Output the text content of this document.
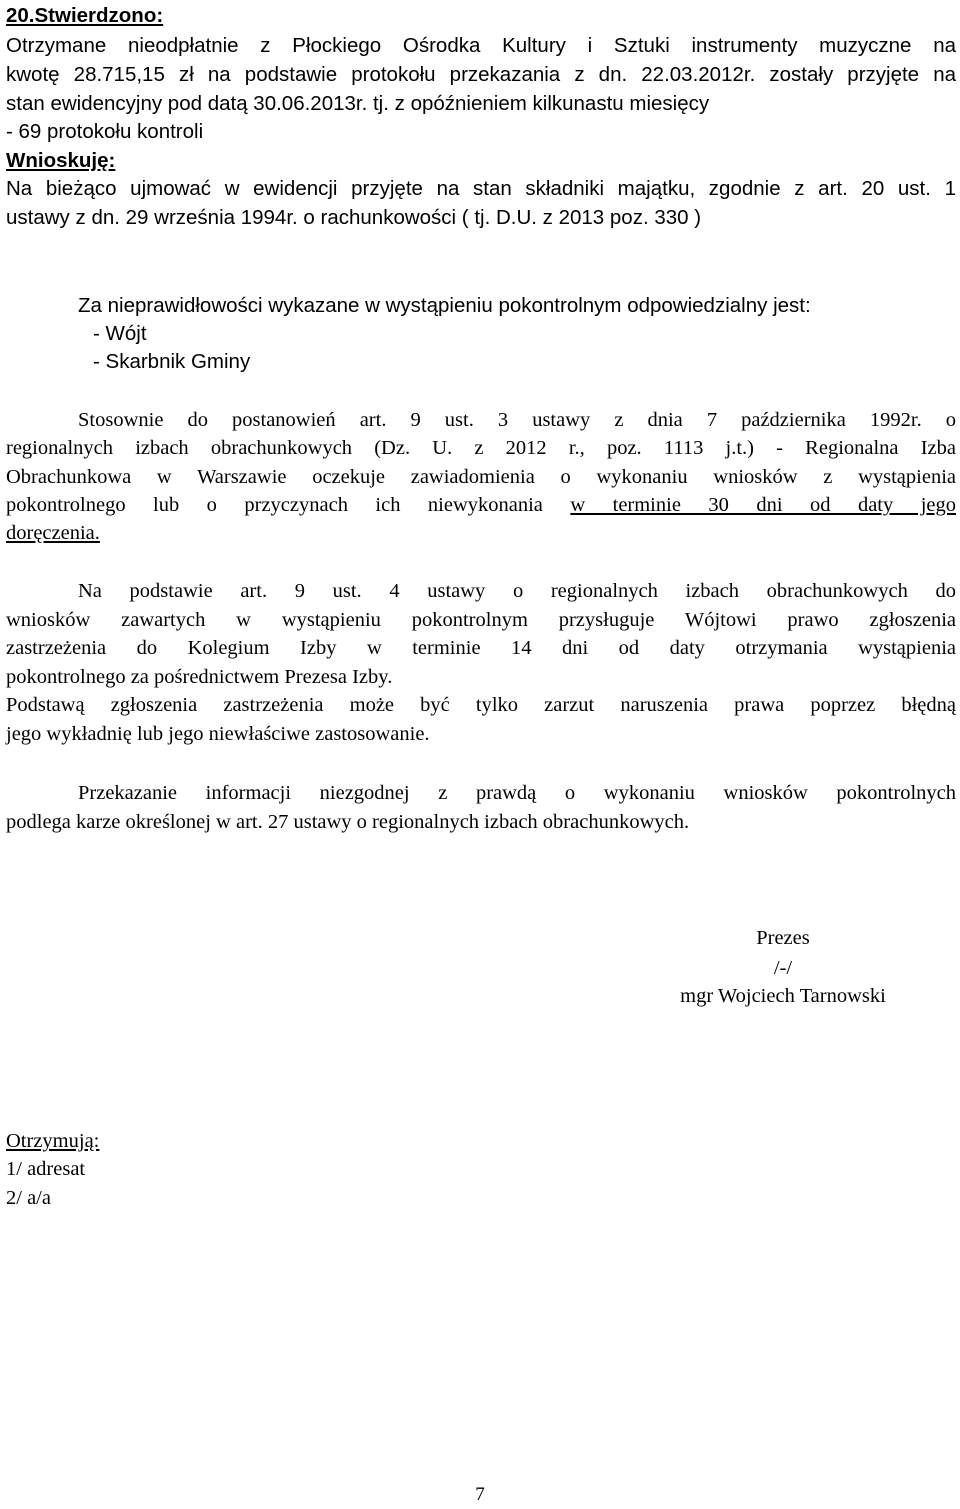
20.Stwierdzono:
Otrzymane nieodpłatnie z Płockiego Ośrodka Kultury i Sztuki instrumenty muzyczne na
kwotę 28.715,15 zł na podstawie protokołu przekazania z dn. 22.03.2012r. zostały przyjęte na
stan ewidencyjny pod datą 30.06.2013r. tj. z opóźnieniem kilkunastu miesięcy
- 69 protokołu kontroli
Wnioskuję:
Na bieżąco ujmować w ewidencji przyjęte na stan składniki majątku, zgodnie z art. 20 ust. 1
ustawy z dn. 29 września 1994r. o rachunkowości ( tj. D.U. z 2013 poz. 330 )
Za nieprawidłowości wykazane w wystąpieniu pokontrolnym odpowiedzialny jest:
- Wójt
- Skarbnik Gminy
Stosownie do postanowień art. 9 ust. 3 ustawy z dnia 7 października 1992r. o
regionalnych izbach obrachunkowych (Dz. U. z 2012 r., poz. 1113 j.t.) - Regionalna Izba
Obrachunkowa w Warszawie oczekuje zawiadomienia o wykonaniu wniosków z wystąpienia
pokontrolnego lub o przyczynach ich niewykonania w terminie 30 dni od daty jego
doręczenia.
Na podstawie art. 9 ust. 4 ustawy o regionalnych izbach obrachunkowych do
wniosków zawartych w wystąpieniu pokontrolnym przysługuje Wójtowi prawo zgłoszenia
zastrzeżenia do Kolegium Izby w terminie 14 dni od daty otrzymania wystąpienia
pokontrolnego za pośrednictwem Prezesa Izby.
Podstawą zgłoszenia zastrzeżenia może być tylko zarzut naruszenia prawa poprzez błędną
jego wykładnię lub jego niewłaściwe zastosowanie.
Przekazanie informacji niezgodnej z prawdą o wykonaniu wniosków pokontrolnych
podlega karze określonej w art. 27 ustawy o regionalnych izbach obrachunkowych.
Prezes
/-/
mgr Wojciech Tarnowski
Otrzymują:
1/ adresat
2/ a/a
7
